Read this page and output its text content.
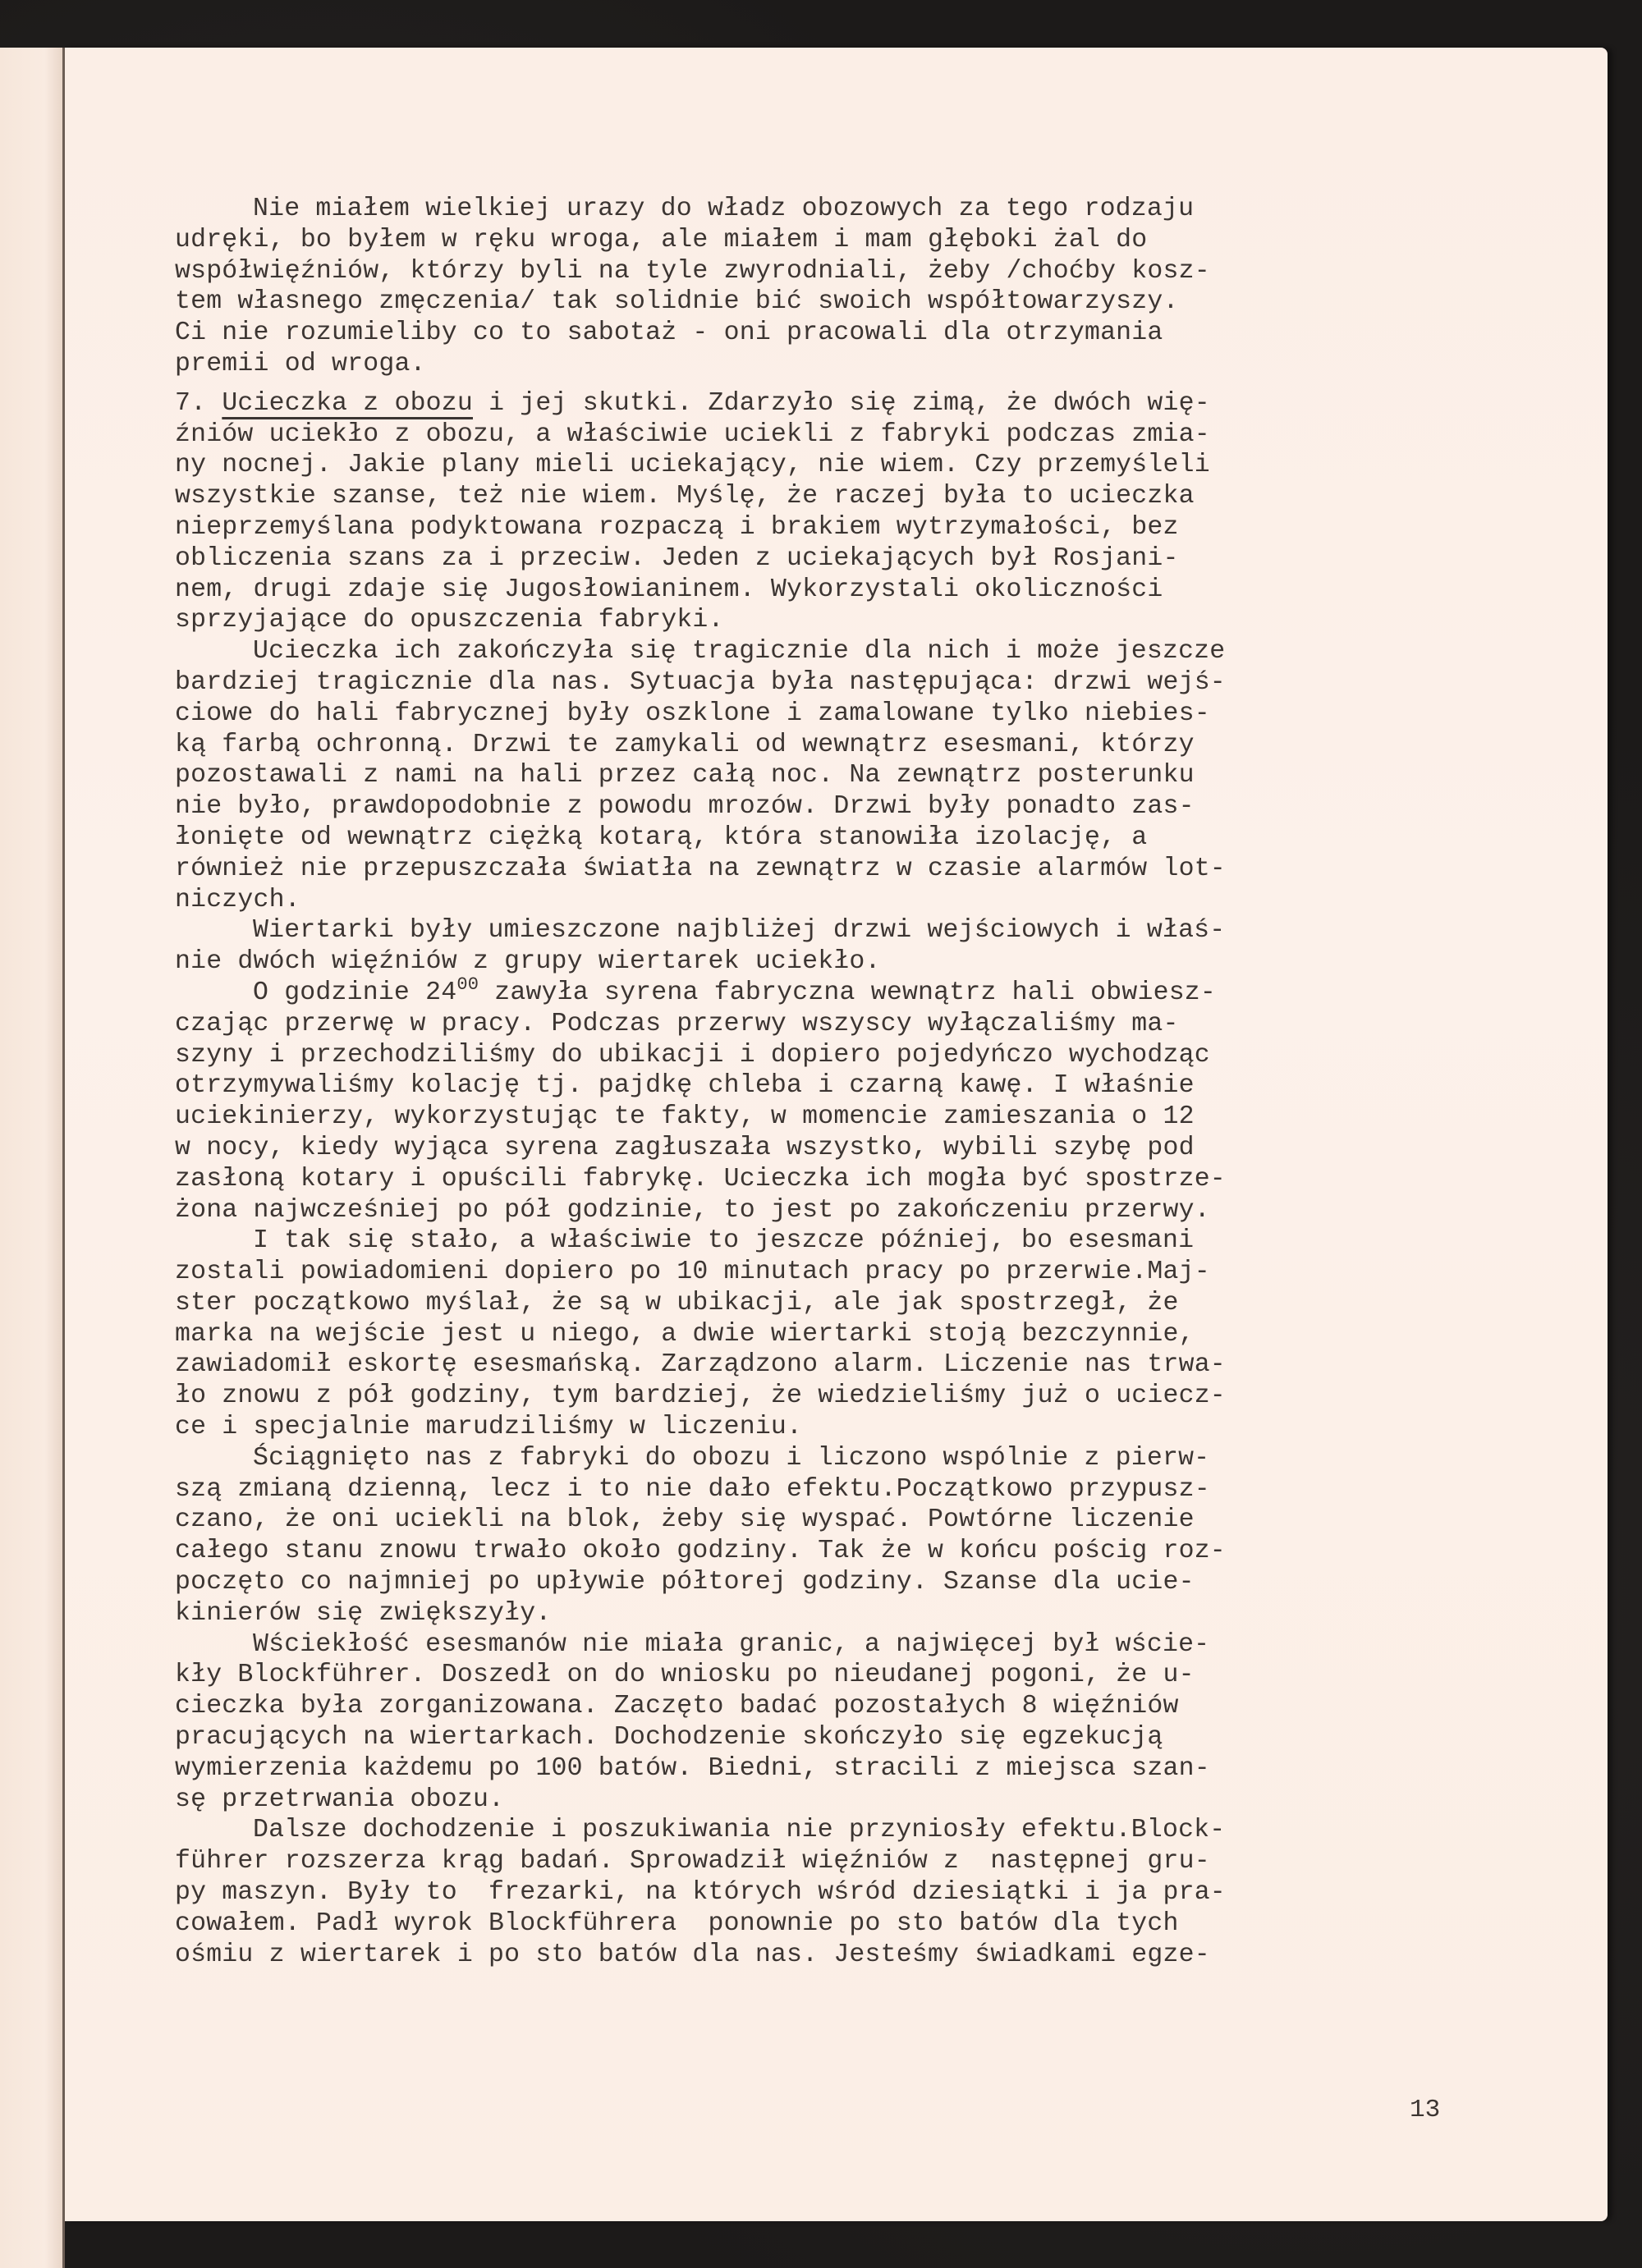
Nie miałem wielkiej urazy do władz obozowych za tego rodzaju
udręki, bo byłem w ręku wroga, ale miałem i mam głęboki żal do
współwięźniów, którzy byli na tyle zwyrodniali, żeby /choćby kosz-
tem własnego zmęczenia/ tak solidnie bić swoich współtowarzyszy.
Ci nie rozumieliby co to sabotaż - oni pracowali dla otrzymania
premii od wroga.
7. Ucieczka z obozu i jej skutki. Zdarzyło się zimą, że dwóch wię-
źniów uciekło z obozu, a właściwie uciekli z fabryki podczas zmia-
ny nocnej. Jakie plany mieli uciekający, nie wiem. Czy przemyśleli
wszystkie szanse, też nie wiem. Myślę, że raczej była to ucieczka
nieprzemyślana podyktowana rozpaczą i brakiem wytrzymałości, bez
obliczenia szans za i przeciw. Jeden z uciekających był Rosjani-
nem, drugi zdaje się Jugosłowianinem. Wykorzystali okoliczności
sprzyjające do opuszczenia fabryki.
Ucieczka ich zakończyła się tragicznie dla nich i może jeszcze
bardziej tragicznie dla nas. Sytuacja była następująca: drzwi wejś-
ciowe do hali fabrycznej były oszklone i zamalowane tylko niebies-
ką farbą ochronną. Drzwi te zamykali od wewnątrz esesmani, którzy
pozostawali z nami na hali przez całą noc. Na zewnątrz posterunku
nie było, prawdopodobnie z powodu mrozów. Drzwi były ponadto zas-
łonięte od wewnątrz ciężką kotarą, która stanowiła izolację, a
również nie przepuszczała światła na zewnątrz w czasie alarmów lot-
niczych.
Wiertarki były umieszczone najbliżej drzwi wejściowych i właś-
nie dwóch więźniów z grupy wiertarek uciekło.
O godzinie $24^{00}$ zawyła syrena fabryczna wewnątrz hali obwiesz-
czając przerwę w pracy. Podczas przerwy wszyscy wyłączaliśmy ma-
szyny i przechodziliśmy do ubikacji i dopiero pojedyńczo wychodząc
otrzymywaliśmy kolację tj. pajdkę chleba i czarną kawę. I właśnie
uciekinierzy, wykorzystując te fakty, w momencie zamieszania o 12
w nocy, kiedy wyjąca syrena zagłuszała wszystko, wybili szybę pod
zasłoną kotary i opuścili fabrykę. Ucieczka ich mogła być spostrze-
żona najwcześniej po pół godzinie, to jest po zakończeniu przerwy.
I tak się stało, a właściwie to jeszcze później, bo esesmani
zostali powiadomieni dopiero po 10 minutach pracy po przerwie.Maj-
ster początkowo myślał, że są w ubikacji, ale jak spostrzegł, że
marka na wejście jest u niego, a dwie wiertarki stoją bezczynnie,
zawiadomił eskortę esesmańską. Zarządzono alarm. Liczenie nas trwa-
ło znowu z pół godziny, tym bardziej, że wiedzieliśmy już o uciecz-
ce i specjalnie marudziliśmy w liczeniu.
Ściągnięto nas z fabryki do obozu i liczono wspólnie z pierw-
szą zmianą dzienną, lecz i to nie dało efektu.Początkowo przypusz-
czano, że oni uciekli na blok, żeby się wyspać. Powtórne liczenie
całego stanu znowu trwało około godziny. Tak że w końcu pościg roz-
poczęto co najmniej po upływie półtorej godziny. Szanse dla ucie-
kinierów się zwiększyły.
Wściekłość esesmanów nie miała granic, a najwięcej był wście-
kły Blockführer. Doszedł on do wniosku po nieudanej pogoni, że u-
cieczka była zorganizowana. Zaczęto badać pozostałych 8 więźniów
pracujących na wiertarkach. Dochodzenie skończyło się egzekucją
wymierzenia każdemu po 100 batów. Biedni, stracili z miejsca szan-
sę przetrwania obozu.
Dalsze dochodzenie i poszukiwania nie przyniosły efektu.Block-
führer rozszerza krąg badań. Sprowadził więźniów z  następnej gru-
py maszyn. Były to  frezarki, na których wśród dziesiątki i ja pra-
cowałem. Padł wyrok Blockführera  ponownie po sto batów dla tych
ośmiu z wiertarek i po sto batów dla nas. Jesteśmy świadkami egze-
13
